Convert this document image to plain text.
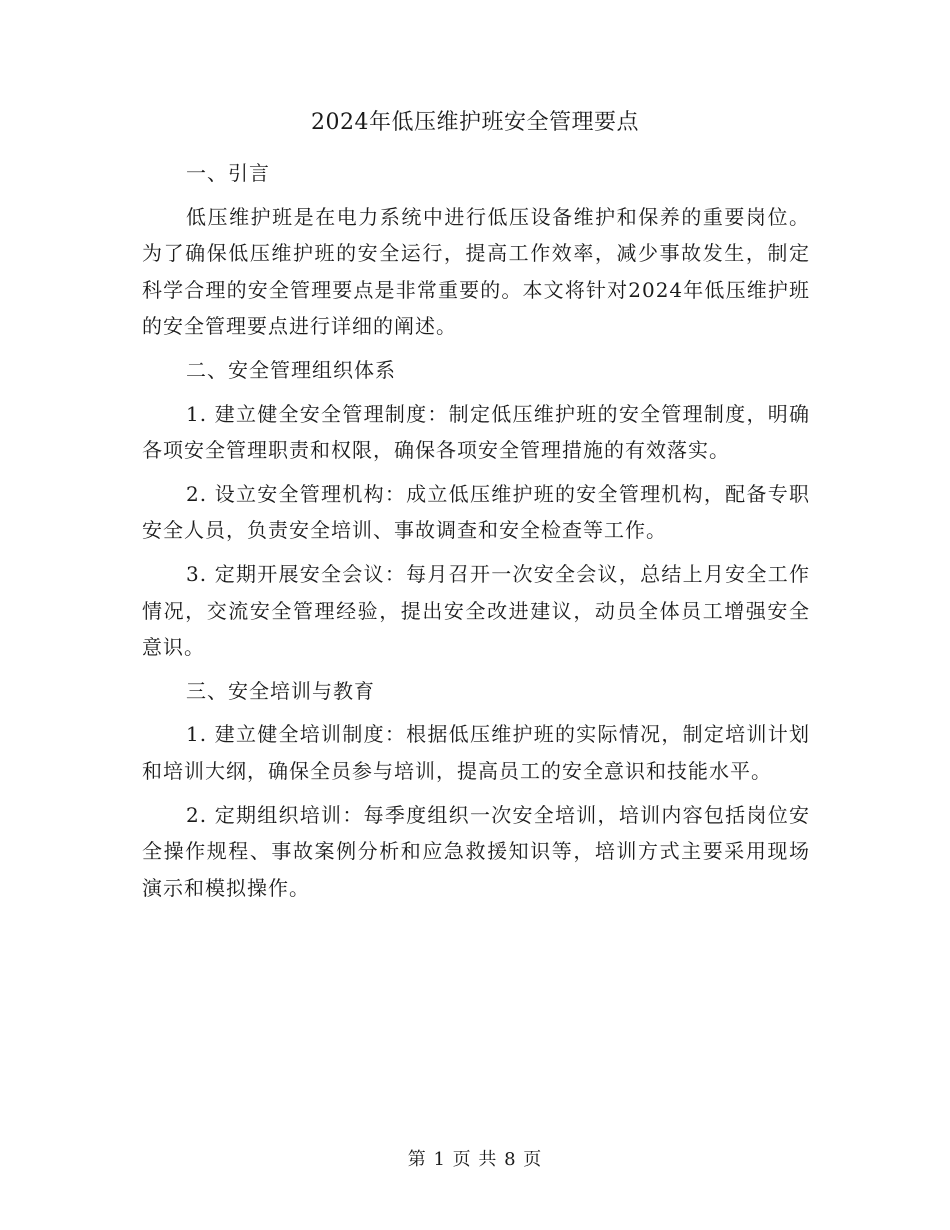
2024年低压维护班安全管理要点

一、引言

低压维护班是在电力系统中进行低压设备维护和保养的重要岗位。为了确保低压维护班的安全运行，提高工作效率，减少事故发生，制定科学合理的安全管理要点是非常重要的。本文将针对2024年低压维护班的安全管理要点进行详细的阐述。

二、安全管理组织体系

1. 建立健全安全管理制度：制定低压维护班的安全管理制度，明确各项安全管理职责和权限，确保各项安全管理措施的有效落实。

2. 设立安全管理机构：成立低压维护班的安全管理机构，配备专职安全人员，负责安全培训、事故调查和安全检查等工作。

3. 定期开展安全会议：每月召开一次安全会议，总结上月安全工作情况，交流安全管理经验，提出安全改进建议，动员全体员工增强安全意识。

三、安全培训与教育

1. 建立健全培训制度：根据低压维护班的实际情况，制定培训计划和培训大纲，确保全员参与培训，提高员工的安全意识和技能水平。

2. 定期组织培训：每季度组织一次安全培训，培训内容包括岗位安全操作规程、事故案例分析和应急救援知识等，培训方式主要采用现场演示和模拟操作。

第 1 页 共 8 页
